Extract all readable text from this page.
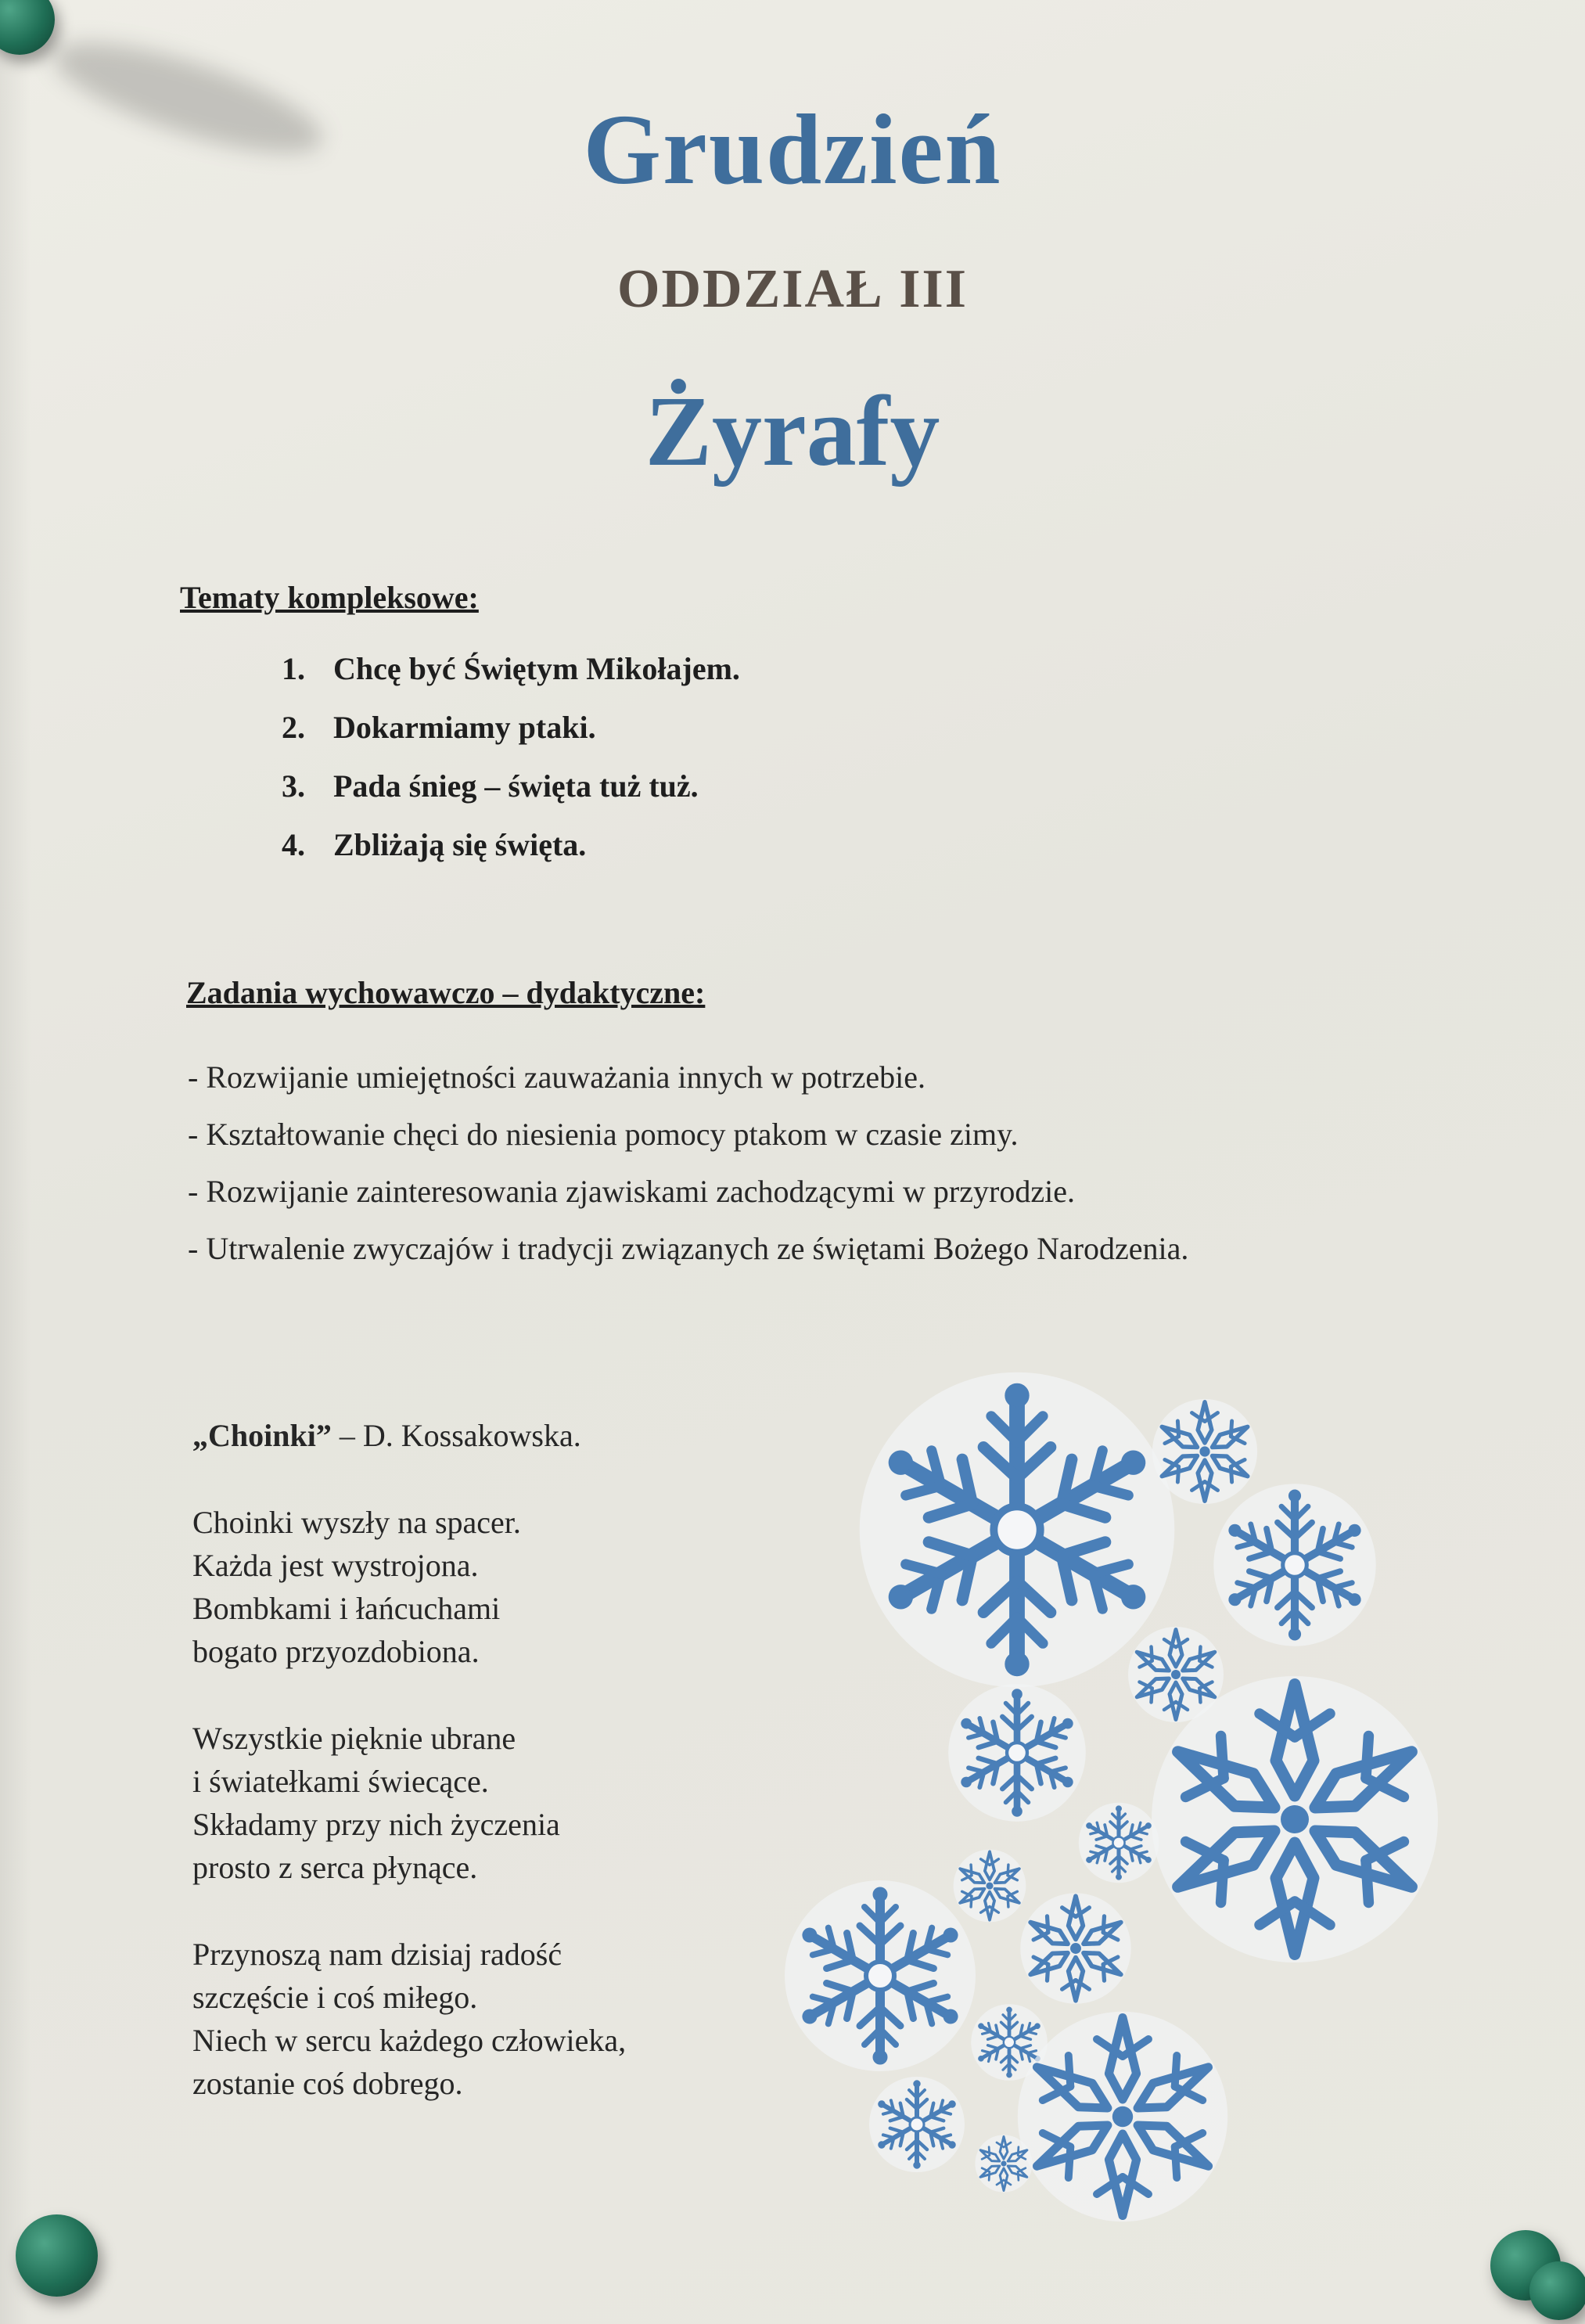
Grudzień
ODDZIAŁ III
Żyrafy

Tematy kompleksowe:

1. Chcę być Świętym Mikołajem.
2. Dokarmiamy ptaki.
3. Pada śnieg – święta tuż tuż.
4. Zbliżają się święta.

Zadania wychowawczo – dydaktyczne:

- Rozwijanie umiejętności zauważania innych w potrzebie.
- Kształtowanie chęci do niesienia pomocy ptakom w czasie zimy.
- Rozwijanie zainteresowania zjawiskami zachodzącymi w przyrodzie.
- Utrwalenie zwyczajów i tradycji związanych ze świętami Bożego Narodzenia.

„Choinki” – D. Kossakowska.

Choinki wyszły na spacer.
Każda jest wystrojona.
Bombkami i łańcuchami
bogato przyozdobiona.
Wszystkie pięknie ubrane
i światełkami świecące.
Składamy przy nich życzenia
prosto z serca płynące.
Przynoszą nam dzisiaj radość
szczęście i coś miłego.
Niech w sercu każdego człowieka,
zostanie coś dobrego.
